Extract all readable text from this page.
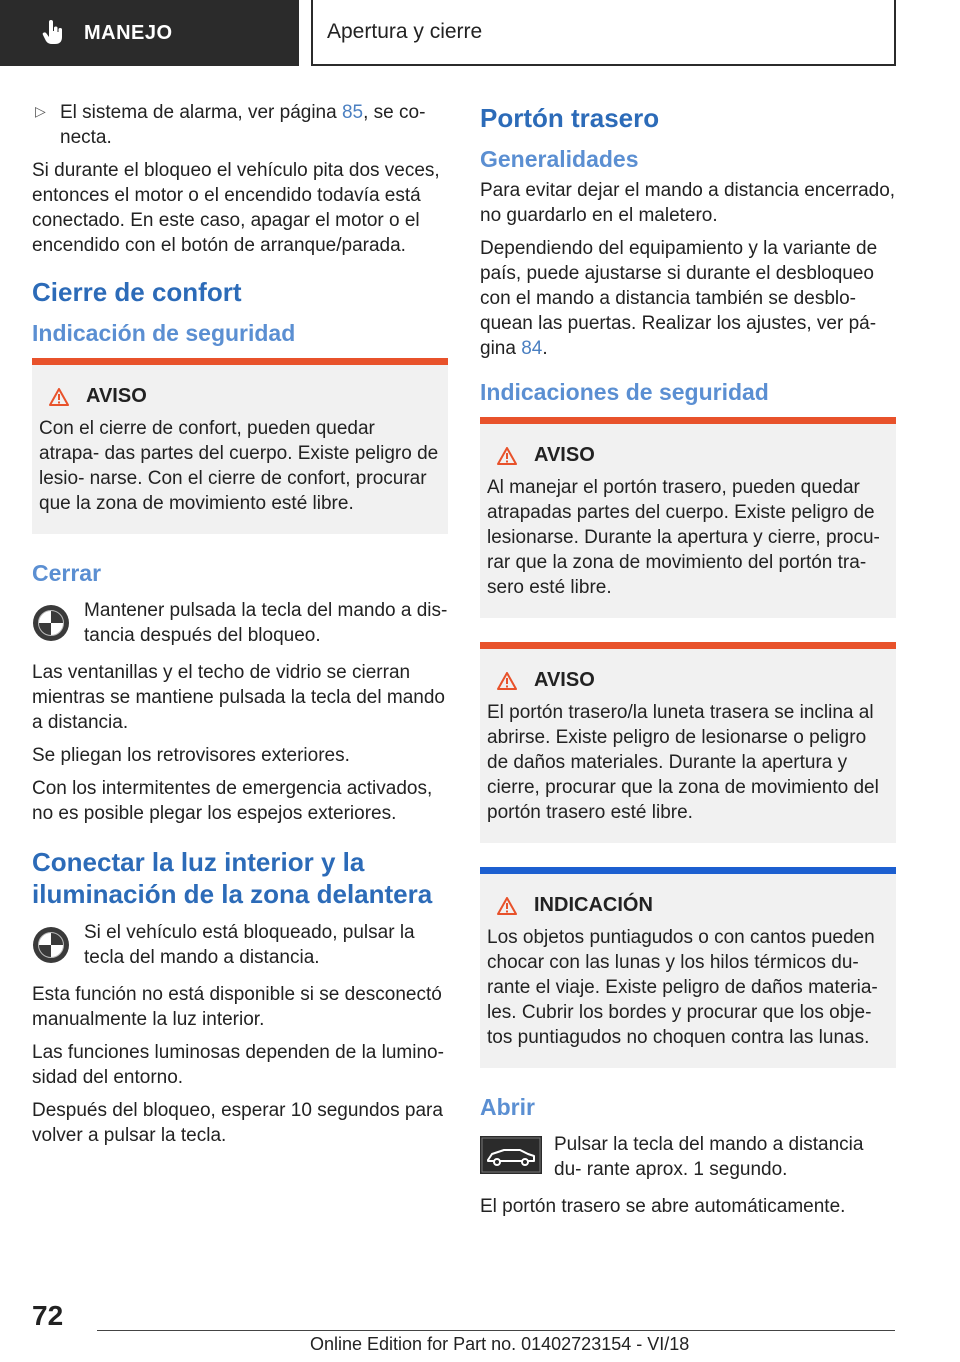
MANEJO	Apertura y cierre
▷ El sistema de alarma, ver página 85, se co‐ necta.

Si durante el bloqueo el vehículo pita dos veces, entonces el motor o el encendido todavía está conectado. En este caso, apagar el motor o el encendido con el botón de arranque/parada.

Cierre de confort
Indicación de seguridad
AVISO

Con el cierre de confort, pueden quedar atrapa‐ das partes del cuerpo. Existe peligro de lesio‐ narse. Con el cierre de confort, procurar que la zona de movimiento esté libre.

Cerrar

Mantener pulsada la tecla del mando a dis‐ tancia después del bloqueo.

Las ventanillas y el techo de vidrio se cierran mientras se mantiene pulsada la tecla del mando a distancia.

Se pliegan los retrovisores exteriores.

Con los intermitentes de emergencia activados, no es posible plegar los espejos exteriores.

Conectar la luz interior y la iluminación de la zona delantera

Si el vehículo está bloqueado, pulsar la tecla del mando a distancia.

Esta función no está disponible si se desconectó manualmente la luz interior.

Las funciones luminosas dependen de la lumino‐ sidad del entorno.

Después del bloqueo, esperar 10 segundos para volver a pulsar la tecla.

Portón trasero
Generalidades

Para evitar dejar el mando a distancia encerrado, no guardarlo en el maletero.

Dependiendo del equipamiento y la variante de país, puede ajustarse si durante el desbloqueo con el mando a distancia también se desblo‐ quean las puertas. Realizar los ajustes, ver pá‐ gina 84.

Indicaciones de seguridad
AVISO

Al manejar el portón trasero, pueden quedar atrapadas partes del cuerpo. Existe peligro de lesionarse. Durante la apertura y cierre, procu‐ rar que la zona de movimiento del portón tra‐ sero esté libre.

AVISO

El portón trasero/la luneta trasera se inclina al abrirse. Existe peligro de lesionarse o peligro de daños materiales. Durante la apertura y cierre, procurar que la zona de movimiento del portón trasero esté libre.

INDICACIÓN

Los objetos puntiagudos o con cantos pueden chocar con las lunas y los hilos térmicos du‐ rante el viaje. Existe peligro de daños materia‐ les. Cubrir los bordes y procurar que los obje‐ tos puntiagudos no choquen contra las lunas.

Abrir

Pulsar la tecla del mando a distancia du‐ rante aprox. 1 segundo.

El portón trasero se abre automáticamente.

72
Online Edition for Part no. 01402723154 - VI/18
